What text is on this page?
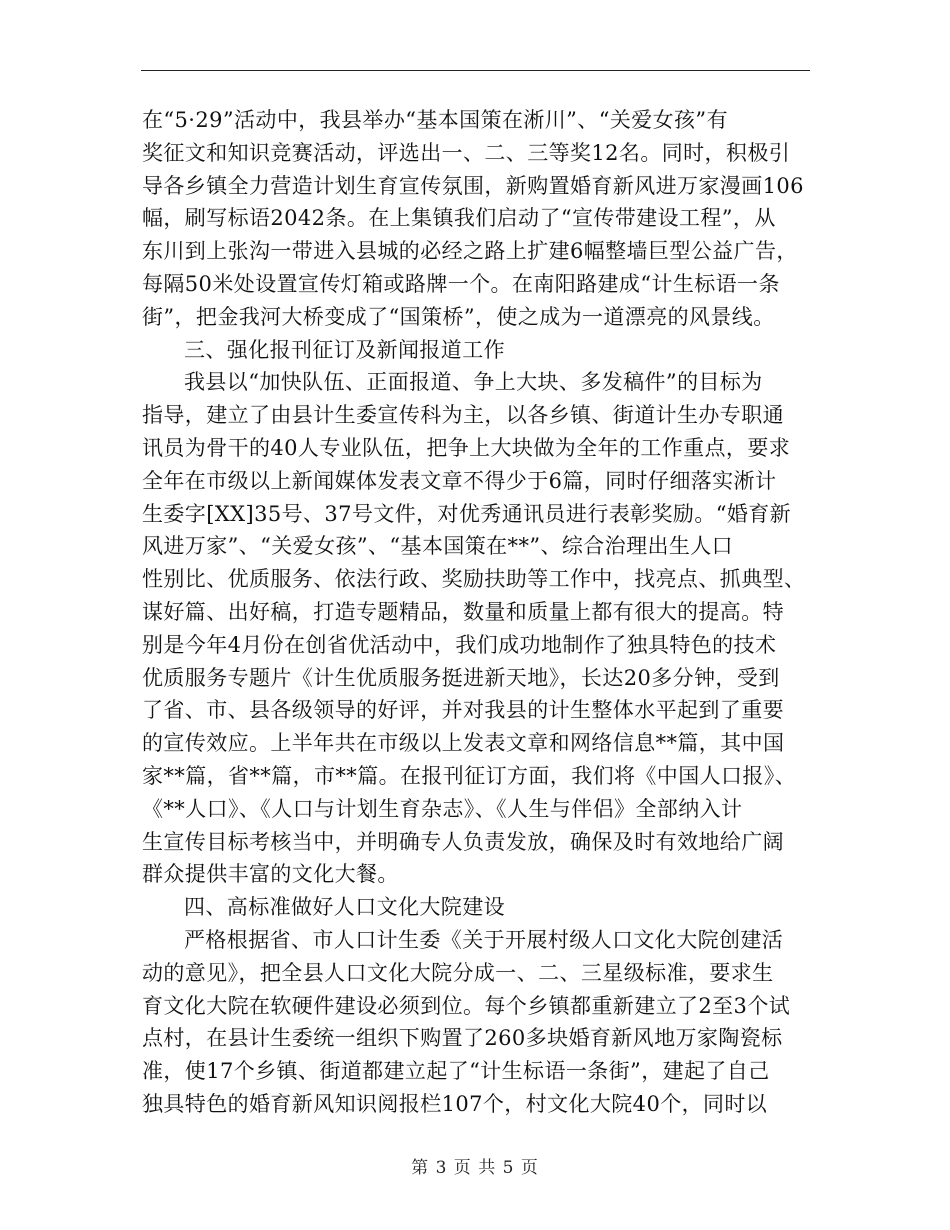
在“5·29”活动中，我县举办“基本国策在淅川”、“关爱女孩”有
奖征文和知识竞赛活动，评选出一、二、三等奖12名。同时，积极引
导各乡镇全力营造计划生育宣传氛围，新购置婚育新风进万家漫画106
幅，刷写标语2042条。在上集镇我们启动了“宣传带建设工程”，从
东川到上张沟一带进入县城的必经之路上扩建6幅整墙巨型公益广告，
每隔50米处设置宣传灯箱或路牌一个。在南阳路建成“计生标语一条
街”，把金我河大桥变成了“国策桥”，使之成为一道漂亮的风景线。
三、强化报刊征订及新闻报道工作
我县以“加快队伍、正面报道、争上大块、多发稿件”的目标为
指导，建立了由县计生委宣传科为主，以各乡镇、街道计生办专职通
讯员为骨干的40人专业队伍，把争上大块做为全年的工作重点，要求
全年在市级以上新闻媒体发表文章不得少于6篇，同时仔细落实淅计
生委字[XX]35号、37号文件，对优秀通讯员进行表彰奖励。“婚育新
风进万家”、“关爱女孩”、“基本国策在**”、综合治理出生人口
性别比、优质服务、依法行政、奖励扶助等工作中，找亮点、抓典型、
谋好篇、出好稿，打造专题精品，数量和质量上都有很大的提高。特
别是今年4月份在创省优活动中，我们成功地制作了独具特色的技术
优质服务专题片《计生优质服务挺进新天地》，长达20多分钟，受到
了省、市、县各级领导的好评，并对我县的计生整体水平起到了重要
的宣传效应。上半年共在市级以上发表文章和网络信息**篇，其中国
家**篇，省**篇，市**篇。在报刊征订方面，我们将《中国人口报》、
《**人口》、《人口与计划生育杂志》、《人生与伴侣》全部纳入计
生宣传目标考核当中，并明确专人负责发放，确保及时有效地给广阔
群众提供丰富的文化大餐。
四、高标准做好人口文化大院建设
严格根据省、市人口计生委《关于开展村级人口文化大院创建活
动的意见》，把全县人口文化大院分成一、二、三星级标准，要求生
育文化大院在软硬件建设必须到位。每个乡镇都重新建立了2至3个试
点村，在县计生委统一组织下购置了260多块婚育新风地万家陶瓷标
准，使17个乡镇、街道都建立起了“计生标语一条街”，建起了自己
独具特色的婚育新风知识阅报栏107个，村文化大院40个，同时以
第 3 页 共 5 页
